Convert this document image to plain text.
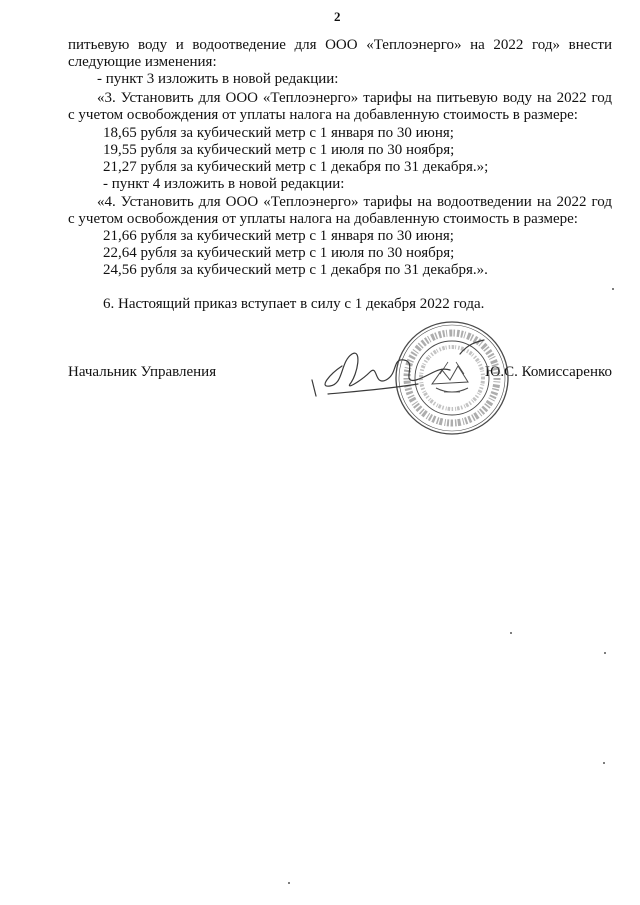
2
питьевую воду и водоотведение для ООО «Теплоэнерго» на 2022 год» внести
следующие изменения:
- пункт 3 изложить в новой редакции:
«3. Установить для ООО «Теплоэнерго» тарифы на питьевую воду на 2022 год
с учетом освобождения от уплаты налога на добавленную стоимость в размере:
18,65 рубля за кубический метр с 1 января по 30 июня;
19,55 рубля за кубический метр с 1 июля по 30 ноября;
21,27 рубля за кубический метр с 1 декабря по 31 декабря.»;
- пункт 4 изложить в новой редакции:
«4. Установить для ООО «Теплоэнерго» тарифы на водоотведении на 2022 год
с учетом освобождения от уплаты налога на добавленную стоимость в размере:
21,66 рубля за кубический метр с 1 января по 30 июня;
22,64 рубля за кубический метр с 1 июля по 30 ноября;
24,56 рубля за кубический метр с 1 декабря по 31 декабря.».
6. Настоящий приказ вступает в силу с 1 декабря 2022 года.
Начальник Управления	Ю.С. Комиссаренко
